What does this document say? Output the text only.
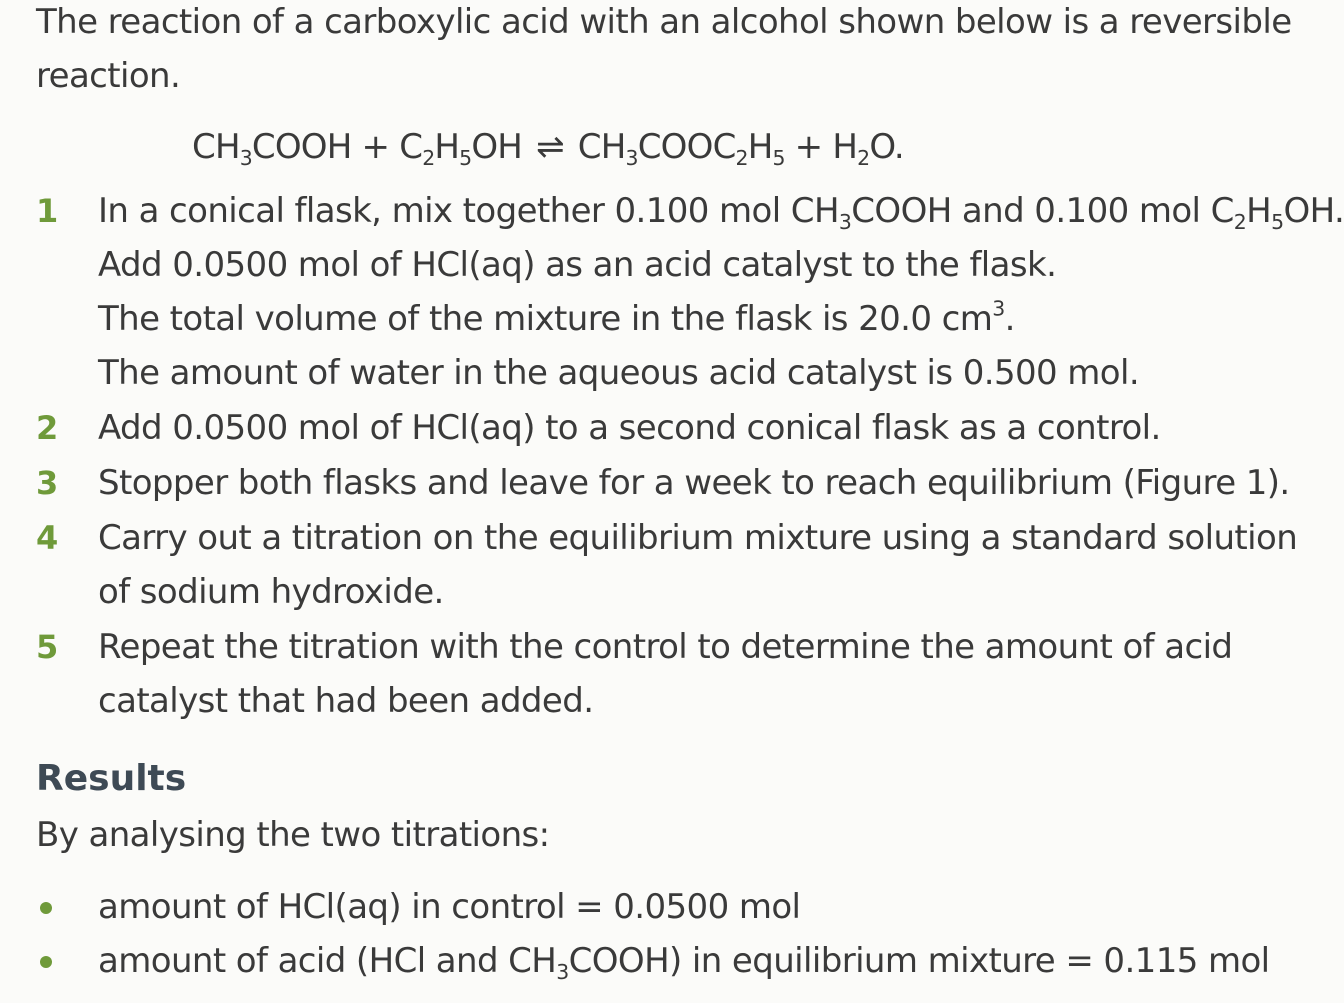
The reaction of a carboxylic acid with an alcohol shown below is a reversible
reaction.
$CH_3COOH + C_2H_5OH$ ⇌ $CH_3COOC_2H_5 + H_2O$.
1 In a conical flask, mix together 0.100 mol $CH_3COOH$ and 0.100 mol $C_2H_5OH$.
Add 0.0500 mol of HCl(aq) as an acid catalyst to the flask.
The total volume of the mixture in the flask is 20.0 $cm^3$.
The amount of water in the aqueous acid catalyst is 0.500 mol.
2 Add 0.0500 mol of HCl(aq) to a second conical flask as a control.
3 Stopper both flasks and leave for a week to reach equilibrium (Figure 1).
4 Carry out a titration on the equilibrium mixture using a standard solution
of sodium hydroxide.
5 Repeat the titration with the control to determine the amount of acid
catalyst that had been added.
Results
By analysing the two titrations:
amount of HCl(aq) in control = 0.0500 mol
amount of acid (HCl and $CH_3COOH$) in equilibrium mixture = 0.115 mol
